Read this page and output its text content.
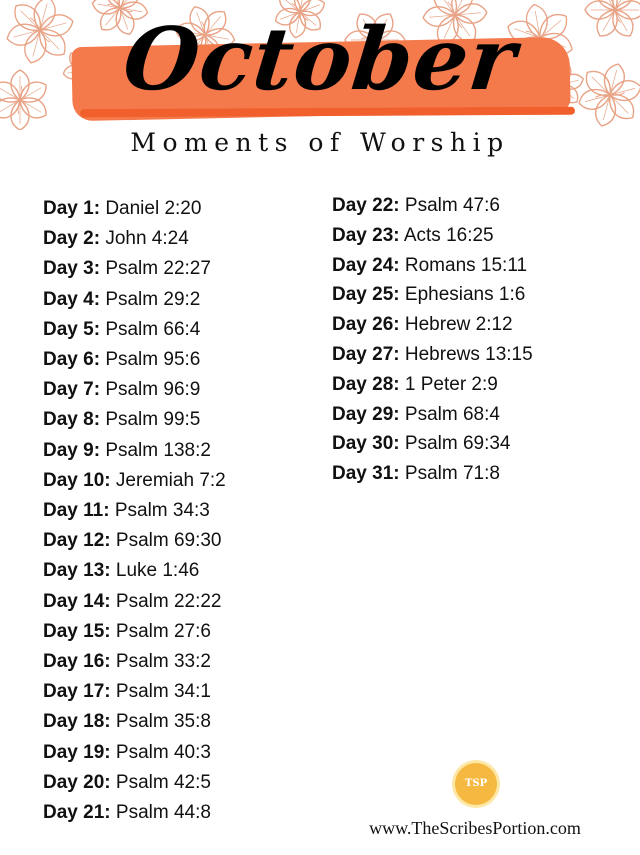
October
Moments of Worship
Day 1: Daniel 2:20
Day 2: John 4:24
Day 3: Psalm 22:27
Day 4: Psalm 29:2
Day 5: Psalm 66:4
Day 6: Psalm 95:6
Day 7: Psalm 96:9
Day 8: Psalm 99:5
Day 9: Psalm 138:2
Day 10: Jeremiah 7:2
Day 11: Psalm 34:3
Day 12: Psalm 69:30
Day 13: Luke 1:46
Day 14: Psalm 22:22
Day 15: Psalm 27:6
Day 16: Psalm 33:2
Day 17: Psalm 34:1
Day 18: Psalm 35:8
Day 19: Psalm 40:3
Day 20: Psalm 42:5
Day 21: Psalm 44:8
Day 22: Psalm 47:6
Day 23: Acts 16:25
Day 24: Romans 15:11
Day 25: Ephesians 1:6
Day 26: Hebrew 2:12
Day 27: Hebrews 13:15
Day 28: 1 Peter 2:9
Day 29: Psalm 68:4
Day 30: Psalm 69:34
Day 31: Psalm 71:8
TSP
www.TheScribesPortion.com
